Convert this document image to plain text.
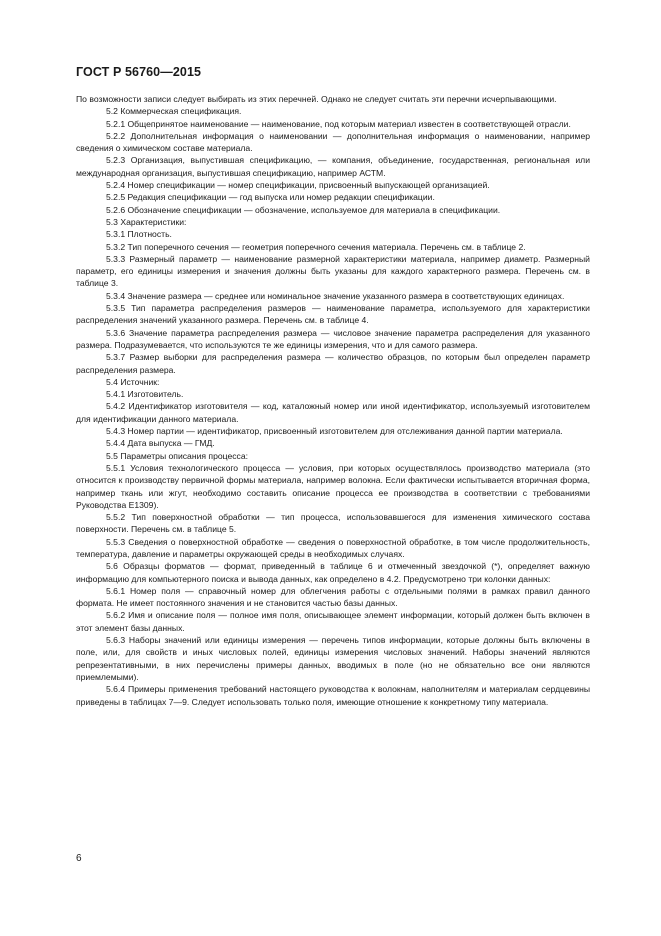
ГОСТ Р 56760—2015

По возможности записи следует выбирать из этих перечней. Однако не следует считать эти перечни исчерпывающими.

5.2 Коммерческая спецификация.

5.2.1 Общепринятое наименование — наименование, под которым материал известен в соответствующей отрасли.

5.2.2 Дополнительная информация о наименовании — дополнительная информация о наименовании, например сведения о химическом составе материала.

5.2.3 Организация, выпустившая спецификацию, — компания, объединение, государственная, региональная или международная организация, выпустившая спецификацию, например АСТМ.

5.2.4 Номер спецификации — номер спецификации, присвоенный выпускающей организацией.

5.2.5 Редакция спецификации — год выпуска или номер редакции спецификации.

5.2.6 Обозначение спецификации — обозначение, используемое для материала в спецификации.

5.3 Характеристики:

5.3.1 Плотность.

5.3.2 Тип поперечного сечения — геометрия поперечного сечения материала. Перечень см. в таблице 2.

5.3.3 Размерный параметр — наименование размерной характеристики материала, например диаметр. Размерный параметр, его единицы измерения и значения должны быть указаны для каждого характерного размера. Перечень см. в таблице 3.

5.3.4 Значение размера — среднее или номинальное значение указанного размера в соответствующих единицах.

5.3.5 Тип параметра распределения размеров — наименование параметра, используемого для характеристики распределения значений указанного размера. Перечень см. в таблице 4.

5.3.6 Значение параметра распределения размера — числовое значение параметра распределения для указанного размера. Подразумевается, что используются те же единицы измерения, что и для самого размера.

5.3.7 Размер выборки для распределения размера — количество образцов, по которым был определен параметр распределения размера.

5.4 Источник:

5.4.1 Изготовитель.

5.4.2 Идентификатор изготовителя — код, каталожный номер или иной идентификатор, используемый изготовителем для идентификации данного материала.

5.4.3 Номер партии — идентификатор, присвоенный изготовителем для отслеживания данной партии материала.

5.4.4 Дата выпуска — ГМД.

5.5 Параметры описания процесса:

5.5.1 Условия технологического процесса — условия, при которых осуществлялось производство материала (это относится к производству первичной формы материала, например волокна. Если фактически испытывается вторичная форма, например ткань или жгут, необходимо составить описание процесса ее производства в соответствии с требованиями Руководства E1309).

5.5.2 Тип поверхностной обработки — тип процесса, использовавшегося для изменения химического состава поверхности. Перечень см. в таблице 5.

5.5.3 Сведения о поверхностной обработке — сведения о поверхностной обработке, в том числе продолжительность, температура, давление и параметры окружающей среды в необходимых случаях.

5.6 Образцы форматов — формат, приведенный в таблице 6 и отмеченный звездочкой (*), определяет важную информацию для компьютерного поиска и вывода данных, как определено в 4.2. Предусмотрено три колонки данных:

5.6.1 Номер поля — справочный номер для облегчения работы с отдельными полями в рамках правил данного формата. Не имеет постоянного значения и не становится частью базы данных.

5.6.2 Имя и описание поля — полное имя поля, описывающее элемент информации, который должен быть включен в этот элемент базы данных.

5.6.3 Наборы значений или единицы измерения — перечень типов информации, которые должны быть включены в поле, или, для свойств и иных числовых полей, единицы измерения числовых значений. Наборы значений являются репрезентативными, в них перечислены примеры данных, вводимых в поле (но не обязательно все они являются приемлемыми).

5.6.4 Примеры применения требований настоящего руководства к волокнам, наполнителям и материалам сердцевины приведены в таблицах 7—9. Следует использовать только поля, имеющие отношение к конкретному типу материала.

6
